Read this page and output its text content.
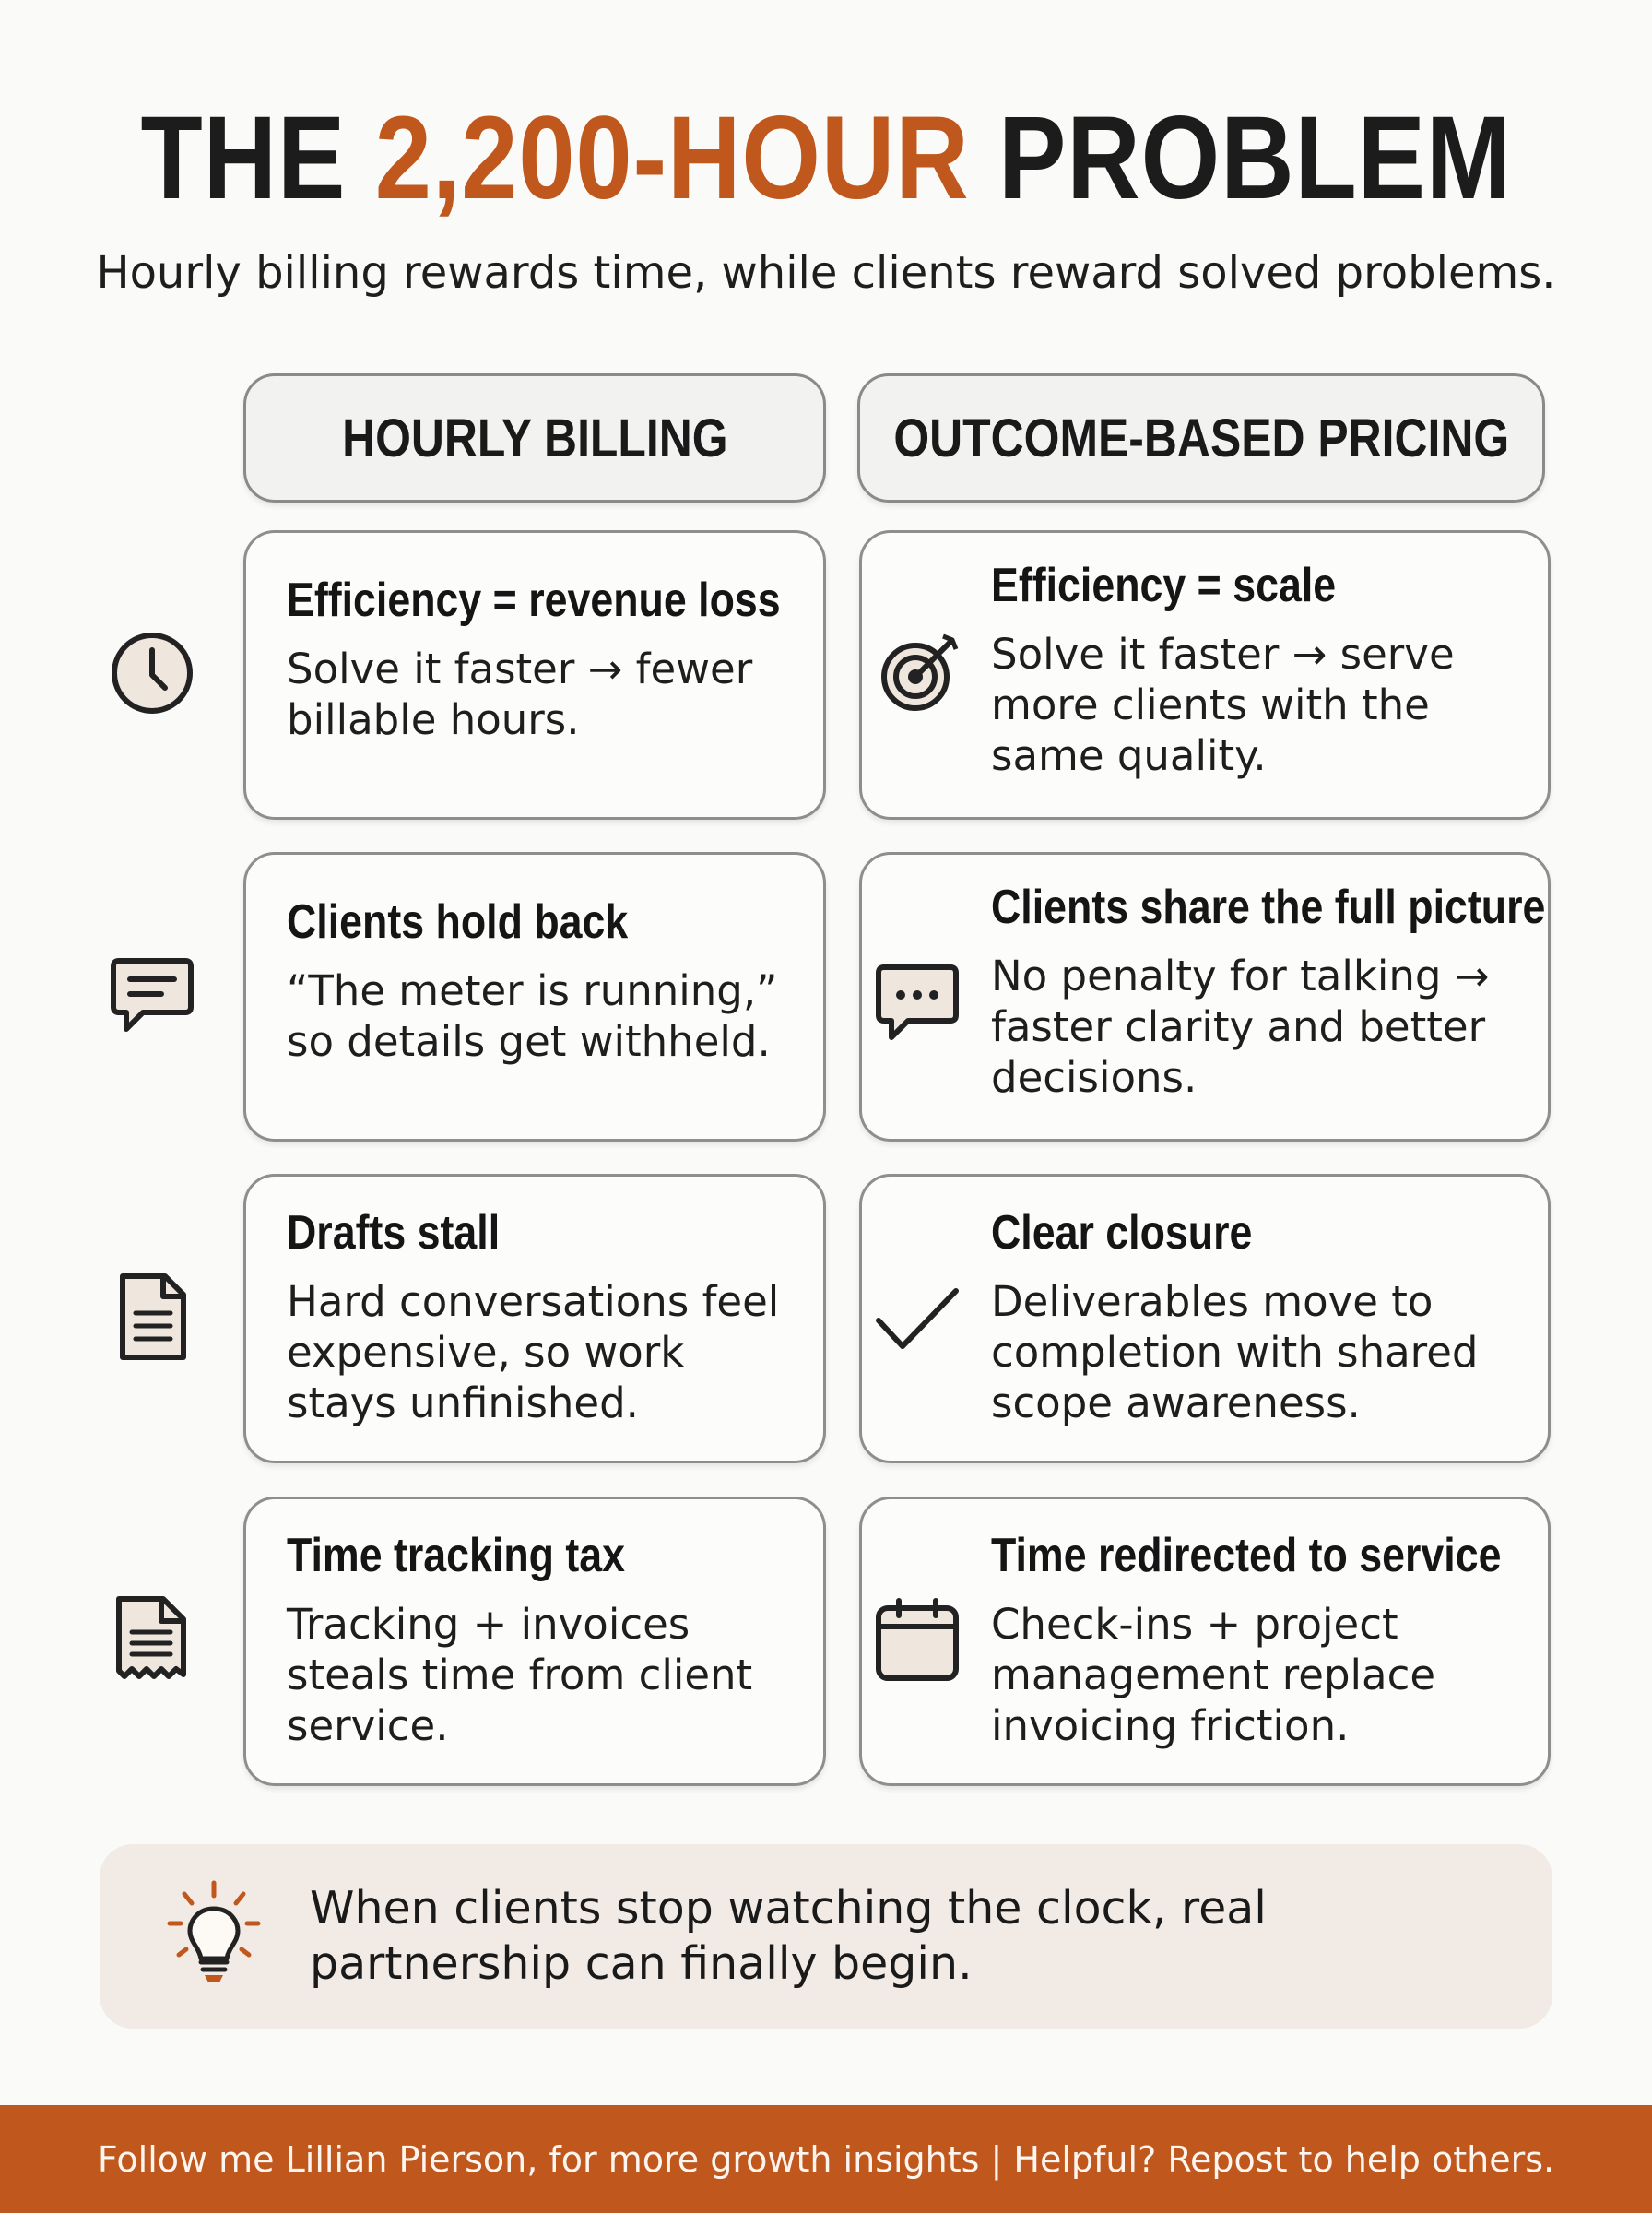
THE 2,200-HOUR PROBLEM

Hourly billing rewards time, while clients reward solved problems.

HOURLY BILLING	OUTCOME-BASED PRICING
Efficiency = revenue loss
Solve it faster → fewer billable hours.
Efficiency = scale
Solve it faster → serve more clients with the same quality.
Clients hold back
“The meter is running,” so details get withheld.
Clients share the full picture
No penalty for talking → faster clarity and better decisions.
Drafts stall
Hard conversations feel expensive, so work stays unfinished.
Clear closure
Deliverables move to completion with shared scope awareness.
Time tracking tax
Tracking + invoices steals time from client service.
Time redirected to service
Check-ins + project management replace invoicing friction.

When clients stop watching the clock, real partnership can finally begin.

Follow me Lillian Pierson, for more growth insights | Helpful? Repost to help others.
